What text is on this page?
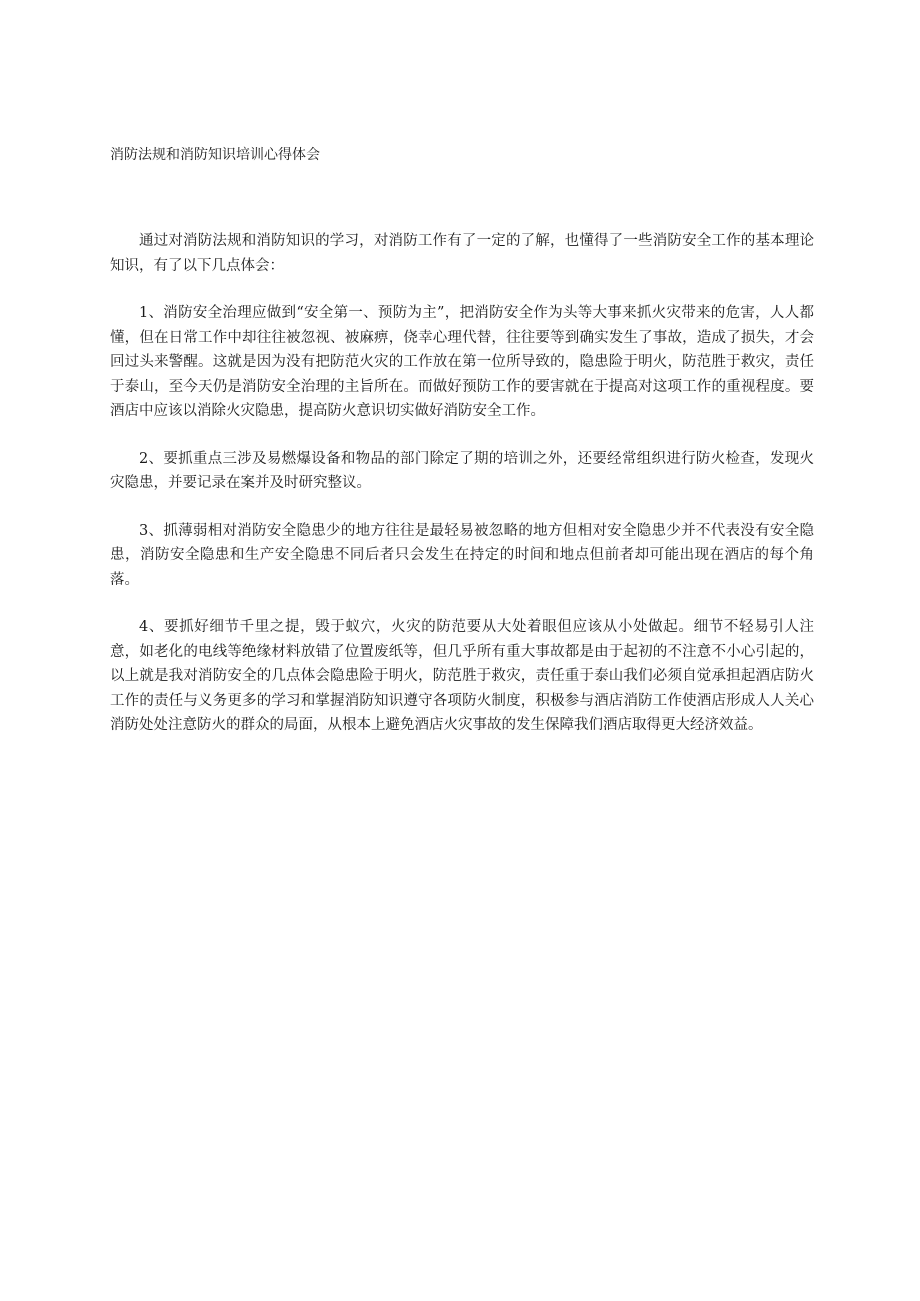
消防法规和消防知识培训心得体会

通过对消防法规和消防知识的学习，对消防工作有了一定的了解，也懂得了一些消防安全工作的基本理论知识，有了以下几点体会：

1、消防安全治理应做到“安全第一、预防为主”，把消防安全作为头等大事来抓火灾带来的危害，人人都懂，但在日常工作中却往往被忽视、被麻痹，侥幸心理代替，往往要等到确实发生了事故，造成了损失，才会回过头来警醒。这就是因为没有把防范火灾的工作放在第一位所导致的，隐患险于明火，防范胜于救灾，责任于泰山，至今天仍是消防安全治理的主旨所在。而做好预防工作的要害就在于提高对这项工作的重视程度。要酒店中应该以消除火灾隐患，提高防火意识切实做好消防安全工作。

2、要抓重点三涉及易燃爆设备和物品的部门除定了期的培训之外，还要经常组织进行防火检查，发现火灾隐患，并要记录在案并及时研究整议。

3、抓薄弱相对消防安全隐患少的地方往往是最轻易被忽略的地方但相对安全隐患少并不代表没有安全隐患，消防安全隐患和生产安全隐患不同后者只会发生在持定的时间和地点但前者却可能出现在酒店的每个角落。

4、要抓好细节千里之提，毁于蚁穴，火灾的防范要从大处着眼但应该从小处做起。细节不轻易引人注意，如老化的电线等绝缘材料放错了位置废纸等，但几乎所有重大事故都是由于起初的不注意不小心引起的，以上就是我对消防安全的几点体会隐患险于明火，防范胜于救灾，责任重于泰山我们必须自觉承担起酒店防火工作的责任与义务更多的学习和掌握消防知识遵守各项防火制度，积极参与酒店消防工作使酒店形成人人关心消防处处注意防火的群众的局面，从根本上避免酒店火灾事故的发生保障我们酒店取得更大经济效益。
